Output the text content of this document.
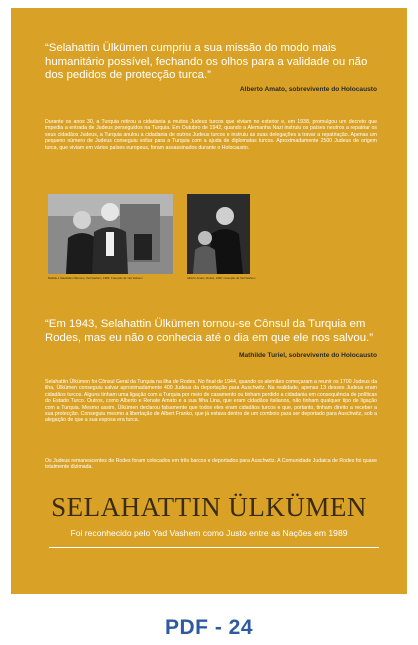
“Selahattin Ülkümen cumpriu a sua missão do modo mais humanitário possível, fechando os olhos para a validade ou não dos pedidos de protecção turca.”
Alberto Amato, sobrevivente do Holocausto
Durante os anos 30, a Turquia retirou a cidadania a muitos Judeus turcos que viviam no exterior e, em 1938, promulgou um decreto que impedia a entrada de Judeus perseguidos na Turquia. Em Outubro de 1942, quando a Alemanha Nazi instruiu os países neutros a repatriar os seus cidadãos Judeus, a Turquia anulou a cidadania de outros Judeus turcos e instruiu as suas delegações a travar a repatriação. Apenas um pequeno número de Judeus conseguiu voltar para a Turquia com a ajuda de diplomatas turcos. Aproximadamente 2500 Judeus de origem turca, que viviam em vários países europeus, foram assassinados durante o Holocausto.
Matilde e Selahattin Ülkümen, Yad Vashem, 1989. Colecção da Yad Vashem	Alberto Amato, Rodes, 1940. Colecção da Yad Vashem
“Em 1943, Selahattin Ülkümen tornou-se Cônsul da Turquia em Rodes, mas eu não o conhecia até o dia em que ele nos salvou.”
Mathilde Turiel, sobrevivente do Holocausto
Selahattin Ülkümen foi Cônsul Geral da Turquia na ilha de Rodes. No final de 1944, quando os alemães começaram a reunir os 1700 Judeus da ilha, Ülkümen conseguiu salvar aproximadamente 400 Judeus da deportação para Auschwitz. Na realidade, apenas 13 desses Judeus eram cidadãos turcos. Alguns tinham uma ligação com a Turquia por meio de casamento ou tinham perdido a cidadania em consequência de políticas do Estado Turco. Outros, como Alberto e Renate Amato e a sua filha Lina, que eram cidadãos italianos, não tinham qualquer tipo de ligação com a Turquia. Mesmo assim, Ülkümen declarou falsamente que todos eles eram cidadãos turcos e que, portanto, tinham direito a receber a sua protecção. Conseguiu mesmo a libertação de Albert Franko, que já estava dentro de um comboio para ser deportado para Auschwitz, sob a alegação de que a sua esposa era turca.
Os Judeus remanescentes de Rodes foram colocados em três barcos e deportados para Auschwitz. A Comunidade Judaica de Rodes foi quase totalmente dizimada.
SELAHATTIN ÜLKÜMEN
Foi reconhecido pelo Yad Vashem como Justo entre as Nações em 1989
PDF - 24
